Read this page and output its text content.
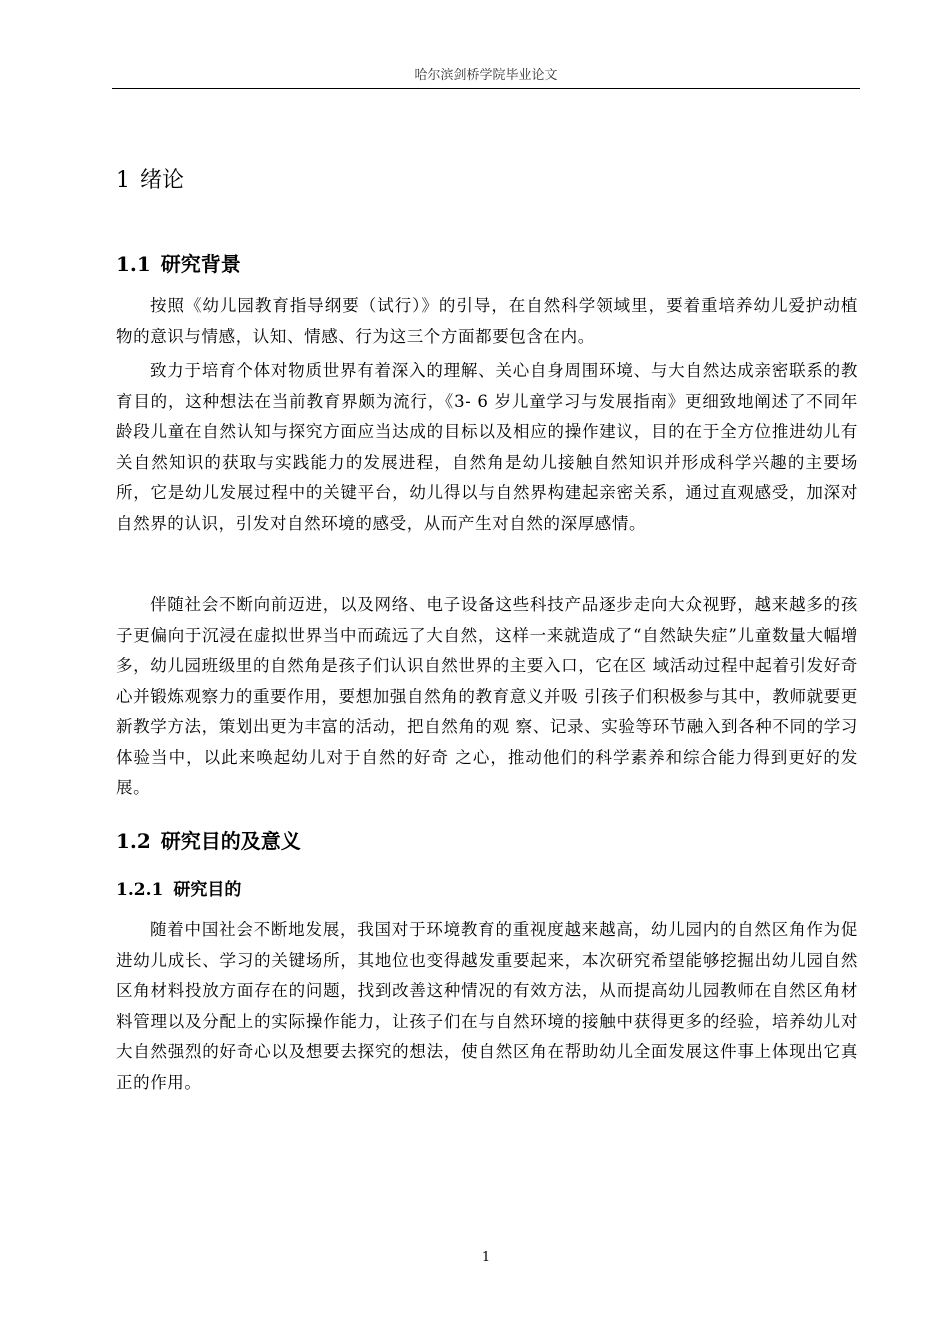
哈尔滨剑桥学院毕业论文
1 绪论
1.1 研究背景

按照《幼儿园教育指导纲要（试行）》的引导，在自然科学领域里，要着重培养幼儿爱护动植物的意识与情感，认知、情感、行为这三个方面都要包含在内。

致力于培育个体对物质世界有着深入的理解、关心自身周围环境、与大自然达成亲密联系的教育目的，这种想法在当前教育界颇为流行，《3- 6 岁儿童学习与发展指南》更细致地阐述了不同年龄段儿童在自然认知与探究方面应当达成的目标以及相应的操作建议，目的在于全方位推进幼儿有关自然知识的获取与实践能力的发展进程，自然角是幼儿接触自然知识并形成科学兴趣的主要场所，它是幼儿发展过程中的关键平台，幼儿得以与自然界构建起亲密关系，通过直观感受，加深对自然界的认识，引发对自然环境的感受，从而产生对自然的深厚感情。

伴随社会不断向前迈进，以及网络、电子设备这些科技产品逐步走向大众视野，越来越多的孩子更偏向于沉浸在虚拟世界当中而疏远了大自然，这样一来就造成了“自然缺失症”儿童数量大幅增多，幼儿园班级里的自然角是孩子们认识自然世界的主要入口，它在区 域活动过程中起着引发好奇心并锻炼观察力的重要作用，要想加强自然角的教育意义并吸 引孩子们积极参与其中，教师就要更新教学方法，策划出更为丰富的活动，把自然角的观 察、记录、实验等环节融入到各种不同的学习体验当中，以此来唤起幼儿对于自然的好奇 之心，推动他们的科学素养和综合能力得到更好的发展。

1.2 研究目的及意义
1.2.1 研究目的

随着中国社会不断地发展，我国对于环境教育的重视度越来越高，幼儿园内的自然区角作为促进幼儿成长、学习的关键场所，其地位也变得越发重要起来，本次研究希望能够挖掘出幼儿园自然区角材料投放方面存在的问题，找到改善这种情况的有效方法，从而提高幼儿园教师在自然区角材料管理以及分配上的实际操作能力，让孩子们在与自然环境的接触中获得更多的经验，培养幼儿对大自然强烈的好奇心以及想要去探究的想法，使自然区角在帮助幼儿全面发展这件事上体现出它真正的作用。

1
